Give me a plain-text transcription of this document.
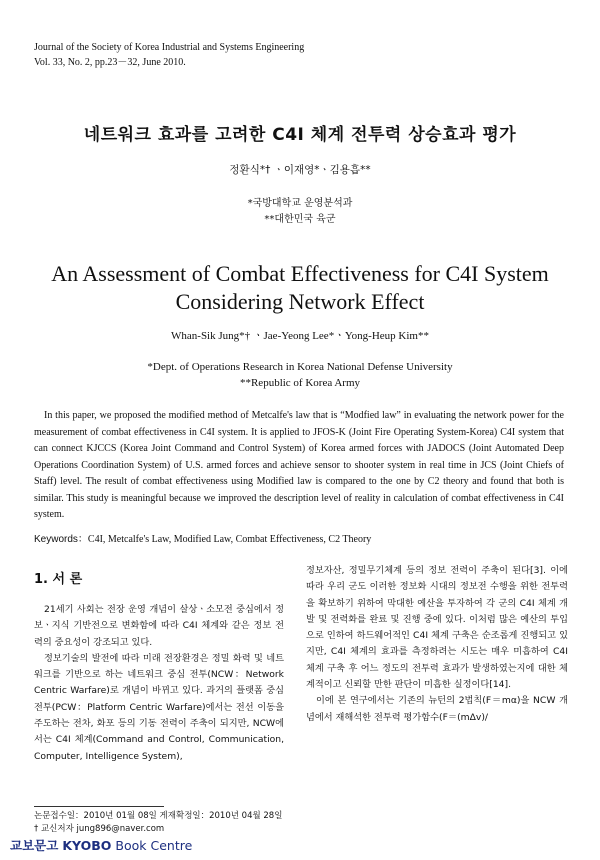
Journal of the Society of Korea Industrial and Systems Engineering
Vol. 33, No. 2, pp.23－32, June 2010.
네트워크 효과를 고려한 C4I 체계 전투력 상승효과 평가
정환식*† ㆍ이재영*ㆍ김용흡**
*국방대학교 운영분석과
**대한민국 육군
An Assessment of Combat Effectiveness for C4I System
Considering Network Effect
Whan-Sik Jung*† ㆍJae-Yeong Lee*ㆍYong-Heup Kim**
*Dept. of Operations Research in Korea National Defense University
**Republic of Korea Army
In this paper, we proposed the modified method of Metcalfe's law that is “Modfied law” in evaluating the network power for the measurement of combat effectiveness in C4I system. It is applied to JFOS-K (Joint Fire Operating System-Korea) C4I system that can connect KJCCS (Korea Joint Command and Control System) of Korea armed forces with JADOCS (Joint Automated Deep Operations Coordination System) of U.S. armed forces and achieve sensor to shooter system in real time in JCS (Joint Chiefs of Staff) level. The result of combat effectiveness using Modified law is compared to the one by C2 theory and found that both is similar. This study is meaningful because we improved the description level of reality in calculation of combat effectiveness in C4I system.
Keywords：C4I, Metcalfe's Law, Modified Law, Combat Effectiveness, C2 Theory
1. 서 론

21세기 사회는 전장 운영 개념이 살상ㆍ소모전 중심에서 정보ㆍ지식 기반전으로 변화함에 따라 C4I 체계와 같은 정보 전력의 중요성이 강조되고 있다.

정보기술의 발전에 따라 미래 전장환경은 정밀 화력 및 네트워크를 기반으로 하는 네트워크 중심 전투(NCW：Network Centric Warfare)로 개념이 바뀌고 있다. 과거의 플랫폼 중심 전투(PCW：Platform Centric Warfare)에서는 전선 이동을 주도하는 전차, 화포 등의 기동 전력이 주축이 되지만, NCW에서는 C4I 체계(Command and Control, Communication, Computer, Intelligence System),

정보자산, 정밀무기체계 등의 정보 전력이 주축이 된다[3]. 이에 따라 우리 군도 이러한 정보화 시대의 정보전 수행을 위한 전투력을 확보하기 위하여 막대한 예산을 투자하여 각 군의 C4I 체계 개발 및 전력화를 완료 및 진행 중에 있다. 이처럼 많은 예산의 투입으로 인하여 하드웨어적인 C4I 체계 구축은 순조롭게 진행되고 있지만, C4I 체계의 효과를 측정하려는 시도는 매우 미흡하여 C4I 체계 구축 후 어느 정도의 전투력 효과가 발생하였는지에 대한 체계적이고 신뢰할 만한 판단이 미흡한 실정이다[14].

이에 본 연구에서는 기존의 뉴턴의 2법칙(F＝mα)을 NCW 개념에서 재해석한 전투력 평가함수(F＝(mΔv)/

논문접수일：2010년 01월 08일 게재확정일：2010년 04월 28일
† 교신저자 jung896@naver.com
교보문고 KYOBO Book Centre
